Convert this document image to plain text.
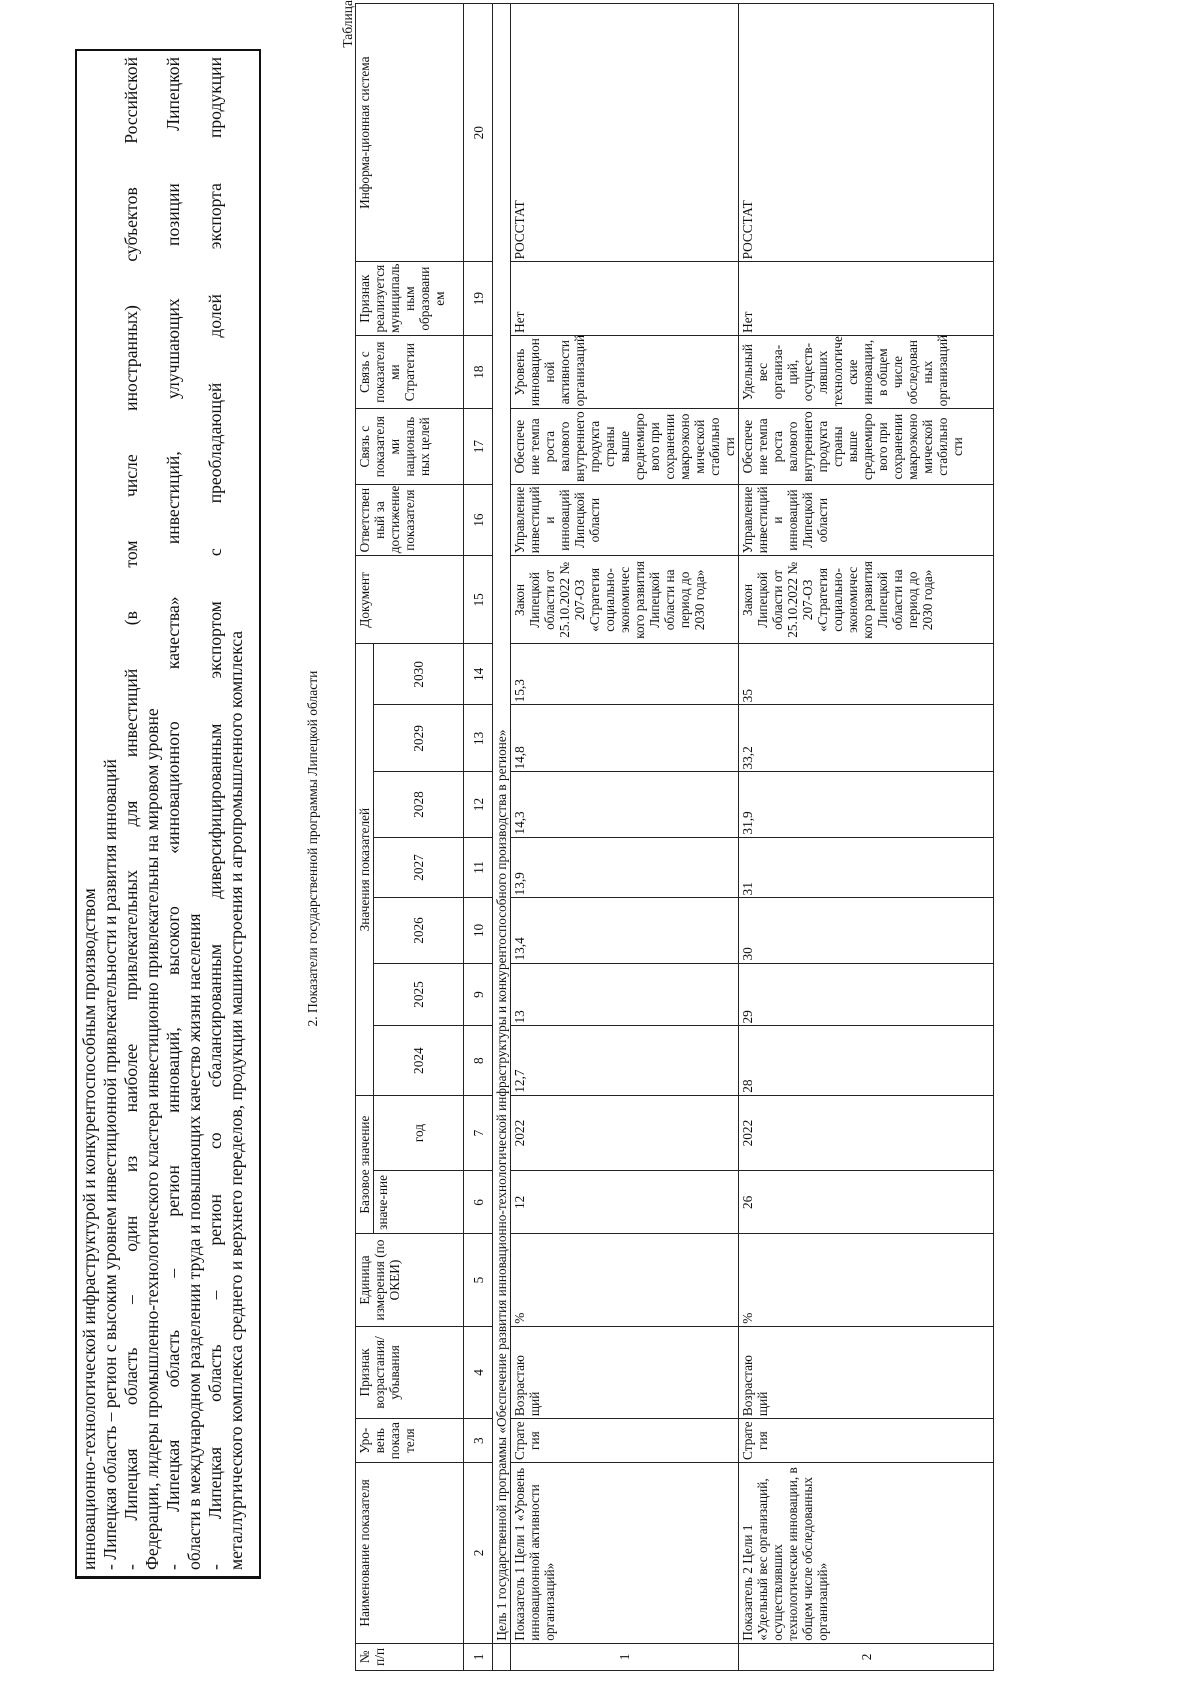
инновационно-технологической инфраструктурой и конкурентоспособным производством - Липецкая область – регион с высоким уровнем инвестиционной привлекательности и развития инноваций - Липецкая область – один из наиболее привлекательных для инвестиций (в том числе иностранных) субъектов Российской Федерации, лидеры промышленно-технологического кластера инвестиционно привлекательны на мировом уровне - Липецкая область – регион инноваций, высокого «инновационного качества» инвестиций, улучшающих позиции Липецкой области в международном разделении труда и повышающих качество жизни населения - Липецкая область – регион со сбалансированным диверсифицированным экспортом с преобладающей долей экспорта продукции металлургического комплекса среднего и верхнего переделов, продукции машиностроения и агропромышленного комплекса	2. Показатели государственной программы Липецкой области
Таблица
№ п/п	Наименование показателя	Уро-вень показа теля	Признак возрастания/ убывания	Единица измерения (по ОКЕИ)	Базовое значение		Значения показателей							Документ	Ответствен ный за достижение показателя	Связь с показателя ми националь ных целей	Связь с показателя ми Стратегии	Признак реализуется муниципаль ным образовани ем	Информа-ционная система
					значе-ние	год	2024	2025	2026	2027	2028	2029	2030						
1	2	3	4	5	6	7	8	9	10	11	12	13	14	15	16	17	18	19	20
	Цель 1 государственной программы «Обеспечение развития инновационно-технологической инфраструктуры и конкурентоспособного производства в регионе»																		
1	Показатель 1 Цели 1 «Уровень инновационной активности организаций»	Страте гия	Возрастаю щий	%	12	2022	12,7	13	13,4	13,9	14,3	14,8	15,3	Закон Липецкой области от 25.10.2022 № 207-ОЗ «Стратегия социально-экономичес кого развития Липецкой области на период до 2030 года»	Управление инвестиций и инноваций Липецкой области	Обеспече ние темпа роста валового внутреннего продукта страны выше среднемиро вого при сохранении макроэконо мической стабильно сти	Уровень инновацион ной активности организаций	Нет	РОССТАТ
2	Показатель 2 Цели 1 «Удельный вес организаций, осуществлявших технологические инновации, в общем числе обследованных организаций»	Страте гия	Возрастаю щий	%	26	2022	28	29	30	31	31,9	33,2	35	Закон Липецкой области от 25.10.2022 № 207-ОЗ «Стратегия социально-экономичес кого развития Липецкой области на период до 2030 года»	Управление инвестиций и инноваций Липецкой области	Обеспече ние темпа роста валового внутреннего продукта страны выше среднемиро вого при сохранении макроэконо мической стабильно сти	Удельный вес организа-ций, осуществ-лявших технологиче ские инновации, в общем числе обследован ных организаций	Нет	РОССТАТ
